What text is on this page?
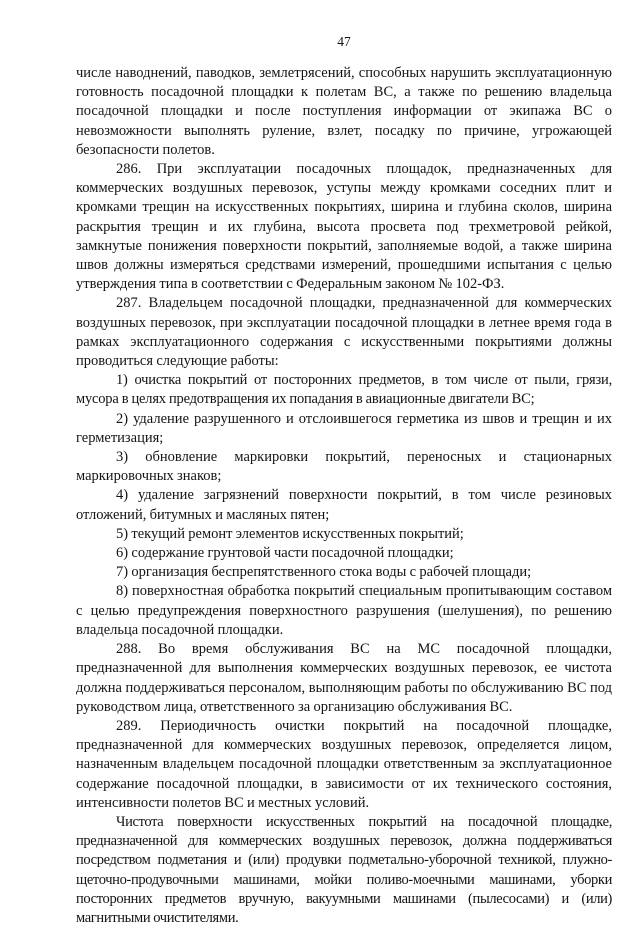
47

числе наводнений, паводков, землетрясений, способных нарушить эксплуатационную готовность посадочной площадки к полетам ВС, а также по решению владельца посадочной площадки и после поступления информации от экипажа ВС о невозможности выполнять руление, взлет, посадку по причине, угрожающей безопасности полетов.

286. При эксплуатации посадочных площадок, предназначенных для коммерческих воздушных перевозок, уступы между кромками соседних плит и кромками трещин на искусственных покрытиях, ширина и глубина сколов, ширина раскрытия трещин и их глубина, высота просвета под трехметровой рейкой, замкнутые понижения поверхности покрытий, заполняемые водой, а также ширина швов должны измеряться средствами измерений, прошедшими испытания с целью утверждения типа в соответствии с Федеральным законом № 102-ФЗ.

287. Владельцем посадочной площадки, предназначенной для коммерческих воздушных перевозок, при эксплуатации посадочной площадки в летнее время года в рамках эксплуатационного содержания с искусственными покрытиями должны проводиться следующие работы:

1) очистка покрытий от посторонних предметов, в том числе от пыли, грязи, мусора в целях предотвращения их попадания в авиационные двигатели ВС;

2) удаление разрушенного и отслоившегося герметика из швов и трещин и их герметизация;

3) обновление маркировки покрытий, переносных и стационарных маркировочных знаков;

4) удаление загрязнений поверхности покрытий, в том числе резиновых отложений, битумных и масляных пятен;

5) текущий ремонт элементов искусственных покрытий;

6) содержание грунтовой части посадочной площадки;

7) организация беспрепятственного стока воды с рабочей площади;

8) поверхностная обработка покрытий специальным пропитывающим составом с целью предупреждения поверхностного разрушения (шелушения), по решению владельца посадочной площадки.

288. Во время обслуживания ВС на МС посадочной площадки, предназначенной для выполнения коммерческих воздушных перевозок, ее чистота должна поддерживаться персоналом, выполняющим работы по обслуживанию ВС под руководством лица, ответственного за организацию обслуживания ВС.

289. Периодичность очистки покрытий на посадочной площадке, предназначенной для коммерческих воздушных перевозок, определяется лицом, назначенным владельцем посадочной площадки ответственным за эксплуатационное содержание посадочной площадки, в зависимости от их технического состояния, интенсивности полетов ВС и местных условий.

Чистота поверхности искусственных покрытий на посадочной площадке, предназначенной для коммерческих воздушных перевозок, должна поддерживаться посредством подметания и (или) продувки подметально-уборочной техникой, плужно-щеточно-продувочными машинами, мойки поливо-моечными машинами, уборки посторонних предметов вручную, вакуумными машинами (пылесосами) и (или) магнитными очистителями.
